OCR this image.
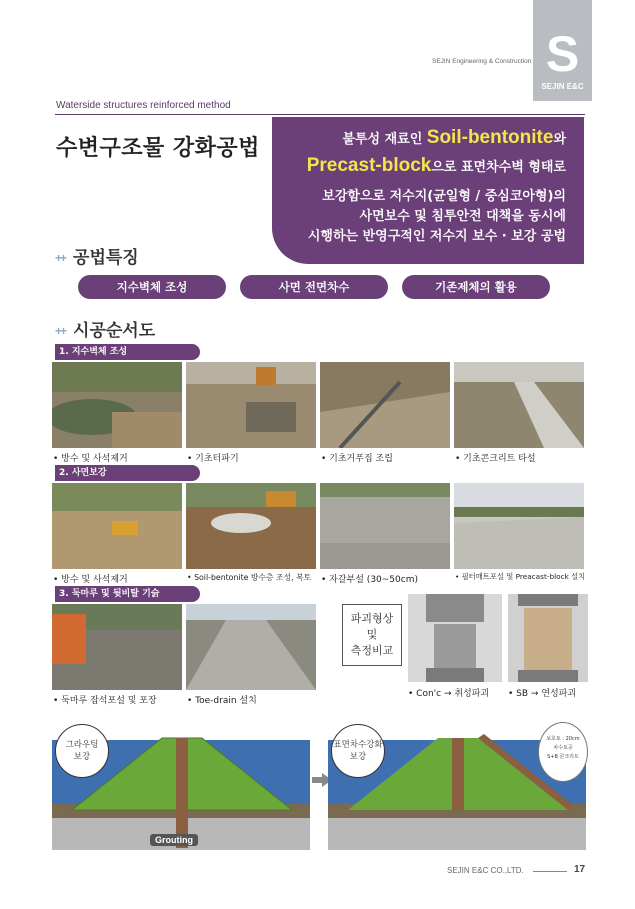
S
SEJIN E&C
SEJIN Engineering & Construction
Waterside structures reinforced method
수변구조물 강화공법	불투성 재료인 Soil-bentonite와
Precast-block으로 표면차수벽 형태로
보강함으로 저수지(균일형 / 중심코아형)의
사면보수 및 침투안전 대책을 동시에
시행하는 반영구적인 저수지 보수 · 보강 공법
++ 공법특징
지수벽체 조성	사면 전면차수	기존제체의 활용
++ 시공순서도
1. 지수벽체 조성
• 방수 및 사석제거	• 기초터파기	• 기초거푸집 조립	• 기초콘크리트 타설
2. 사면보강
• 방수 및 사석제거	• Soil-bentonite 방수층 조성, 복토 • 자갈부설 (30~50cm)	• 필터매트포설 및 Preacast-block 설치
3. 둑마루 및 뒷비탈 기슭
• 둑마루 잡석포설 및 포장	• Toe-drain 설치
파괴형상
및
측정비교
• Con'c → 취성파괴 • SB → 연성파괴
그라우팅
보강
Grouting
표면차수강화
보강
보호토 : 20cm
차수토공
S+B 콘크리트
SEJIN E&C CO.,LTD.	17
